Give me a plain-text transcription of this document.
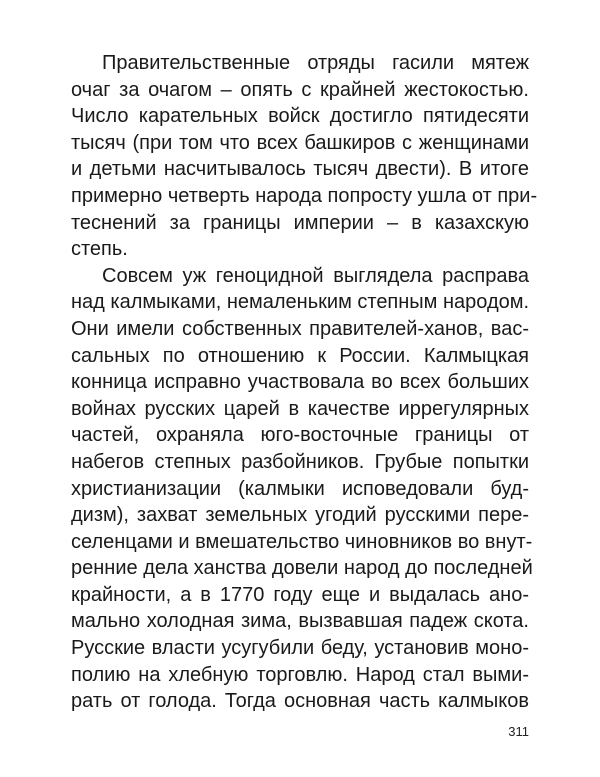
Правительственные отряды гасили мятеж
очаг за очагом – опять с крайней жестокостью.
Число карательных войск достигло пятидесяти
тысяч (при том что всех башкиров с женщинами
и детьми насчитывалось тысяч двести). В итоге
примерно четверть народа попросту ушла от при-
теснений за границы империи – в казахскую
степь.
Совсем уж геноцидной выглядела расправа
над калмыками, немаленьким степным народом.
Они имели собственных правителей-ханов, вас-
сальных по отношению к России. Калмыцкая
конница исправно участвовала во всех больших
войнах русских царей в качестве иррегулярных
частей, охраняла юго-восточные границы от
набегов степных разбойников. Грубые попытки
христианизации (калмыки исповедовали буд-
дизм), захват земельных угодий русскими пере-
селенцами и вмешательство чиновников во внут-
ренние дела ханства довели народ до последней
крайности, а в 1770 году еще и выдалась ано-
мально холодная зима, вызвавшая падеж скота.
Русские власти усугубили беду, установив моно-
полию на хлебную торговлю. Народ стал выми-
рать от голода. Тогда основная часть калмыков
311
